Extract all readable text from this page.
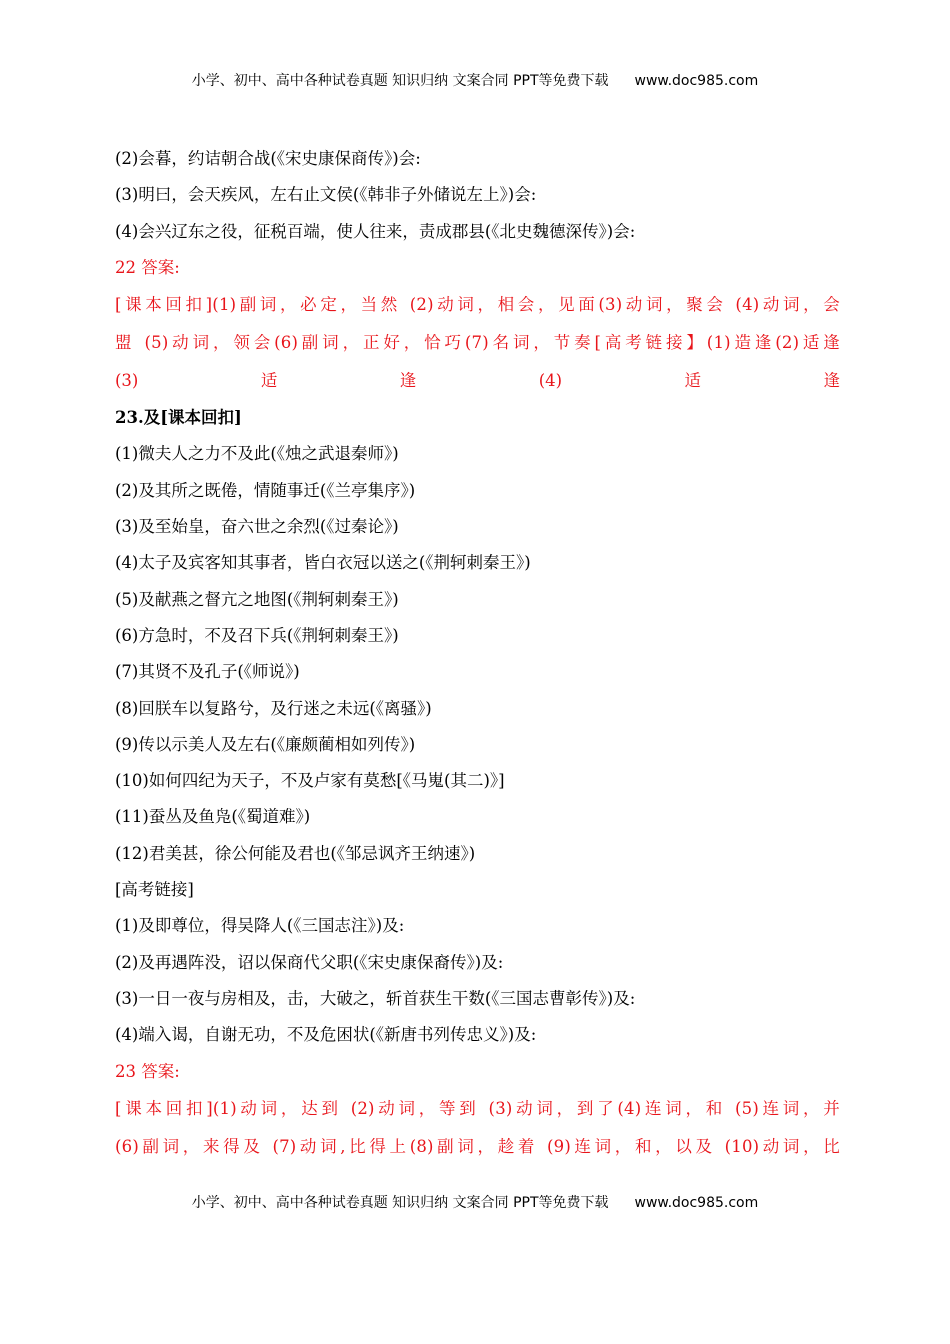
小学、初中、高中各种试卷真题 知识归纳 文案合同 PPT等免费下载 www.doc985.com
(2)会暮，约诘朝合战(《宋史康保商传》)会:
(3)明曰，会天疾风，左右止文侯(《韩非子外储说左上》)会:
(4)会兴辽东之役，征税百端，使人往来，责成郡县(《北史魏德深传》)会:
22 答案:
[课本回扣](1)副词，必定，当然 (2)动词，相会，见面(3)动词，聚会 (4)动词，会
盟 (5)动词，领会(6)副词，正好，恰巧(7)名词，节奏[高考链接】(1)造逢(2)适逢
(3)适逢(4)适逢
23.及[课本回扣]
(1)微夫人之力不及此(《烛之武退秦师》)
(2)及其所之既倦，情随事迁(《兰亭集序》)
(3)及至始皇，奋六世之余烈(《过秦论》)
(4)太子及宾客知其事者，皆白衣冠以送之(《荆轲刺秦王》)
(5)及献燕之督亢之地图(《荆轲刺秦王》)
(6)方急时，不及召下兵(《荆轲刺秦王》)
(7)其贤不及孔子(《师说》)
(8)回朕车以复路兮，及行迷之未远(《离骚》)
(9)传以示美人及左右(《廉颇蔺相如列传》)
(10)如何四纪为天子，不及卢家有莫愁[《马嵬(其二)》]
(11)蚕丛及鱼凫(《蜀道难》)
(12)君美甚，徐公何能及君也(《邹忌讽齐王纳速》)
[高考链接]
(1)及即尊位，得吴降人(《三国志注》)及:
(2)及再遇阵没，诏以保商代父职(《宋史康保裔传》)及:
(3)一日一夜与房相及，击，大破之，斩首获生干数(《三国志曹彰传》)及:
(4)端入谒，自谢无功，不及危困状(《新唐书列传忠义》)及:
23 答案:
[课本回扣](1)动词，达到 (2)动词，等到 (3)动词，到了(4)连词，和 (5)连词，并
(6)副词，来得及 (7)动词,比得上(8)副词，趁着 (9)连词，和，以及 (10)动词，比
小学、初中、高中各种试卷真题 知识归纳 文案合同 PPT等免费下载 www.doc985.com
